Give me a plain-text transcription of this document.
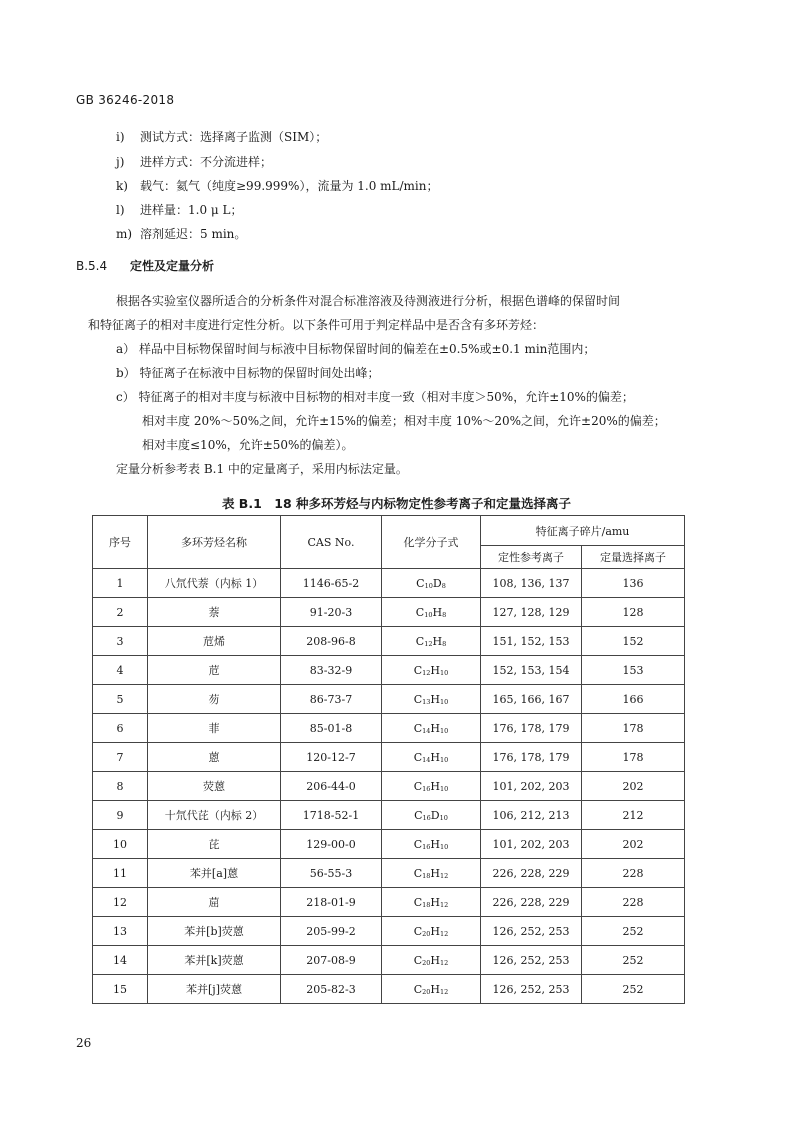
GB 36246-2018
i) 测试方式：选择离子监测（SIM）；
j) 进样方式：不分流进样；
k) 载气：氦气（纯度≥99.999%），流量为 1.0 mL/min；
l) 进样量：1.0 μ L；
m) 溶剂延迟：5 min。
B.5.4 定性及定量分析
根据各实验室仪器所适合的分析条件对混合标准溶液及待测液进行分析，根据色谱峰的保留时间
和特征离子的相对丰度进行定性分析。以下条件可用于判定样品中是否含有多环芳烃：
a） 样品中目标物保留时间与标液中目标物保留时间的偏差在±0.5%或±0.1 min范围内；
b） 特征离子在标液中目标物的保留时间处出峰；
c） 特征离子的相对丰度与标液中目标物的相对丰度一致（相对丰度＞50%，允许±10%的偏差；
相对丰度 20%～50%之间，允许±15%的偏差；相对丰度 10%～20%之间，允许±20%的偏差；
相对丰度≤10%，允许±50%的偏差）。
定量分析参考表 B.1 中的定量离子，采用内标法定量。
表 B.1　18 种多环芳烃与内标物定性参考离子和定量选择离子
序号	多环芳烃名称	CAS No.	化学分子式	特征离子碎片/amu	
				定性参考离子	定量选择离子
1	八氘代萘（内标 1）	1146-65-2	C10D8	108, 136, 137	136
2	萘	91-20-3	C10H8	127, 128, 129	128
3	苊烯	208-96-8	C12H8	151, 152, 153	152
4	苊	83-32-9	C12H10	152, 153, 154	153
5	芴	86-73-7	C13H10	165, 166, 167	166
6	菲	85-01-8	C14H10	176, 178, 179	178
7	蒽	120-12-7	C14H10	176, 178, 179	178
8	荧蒽	206-44-0	C16H10	101, 202, 203	202
9	十氘代芘（内标 2）	1718-52-1	C16D10	106, 212, 213	212
10	芘	129-00-0	C16H10	101, 202, 203	202
11	苯并[a]蒽	56-55-3	C18H12	226, 228, 229	228
12	䓛	218-01-9	C18H12	226, 228, 229	228
13	苯并[b]荧蒽	205-99-2	C20H12	126, 252, 253	252
14	苯并[k]荧蒽	207-08-9	C20H12	126, 252, 253	252
15	苯并[j]荧蒽	205-82-3	C20H12	126, 252, 253	252
26
